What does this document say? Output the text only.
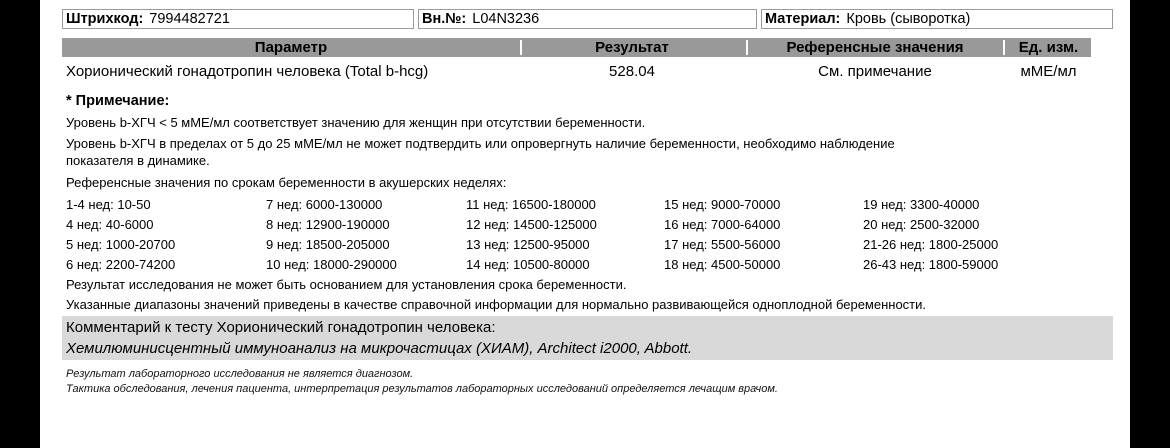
Штрихкод: 7994482721	Вн.№: L04N3236	Материал: Кровь (сыворотка)
Параметр	Результат	Референсные значения	Ед. изм.
Хорионический гонадотропин человека (Total b-hcg)	528.04	См. примечание	мМЕ/мл
* Примечание:
Уровень b-ХГЧ < 5 мМЕ/мл соответствует значению для женщин при отсутствии беременности.
Уровень b-ХГЧ в пределах от 5 до 25 мМЕ/мл не может подтвердить или опровергнуть наличие беременности, необходимо наблюдение
показателя в динамике.
Референсные значения по срокам беременности в акушерских неделях:
1-4 нед: 10-50	7 нед: 6000-130000	11 нед: 16500-180000	15 нед: 9000-70000	19 нед: 3300-40000
4 нед: 40-6000	8 нед: 12900-190000	12 нед: 14500-125000	16 нед: 7000-64000	20 нед: 2500-32000
5 нед: 1000-20700	9 нед: 18500-205000	13 нед: 12500-95000	17 нед: 5500-56000	21-26 нед: 1800-25000
6 нед: 2200-74200	10 нед: 18000-290000	14 нед: 10500-80000	18 нед: 4500-50000	26-43 нед: 1800-59000
Результат исследования не может быть основанием для установления срока беременности.
Указанные диапазоны значений приведены в качестве справочной информации для нормально развивающейся одноплодной беременности.
Комментарий к тесту Хорионический гонадотропин человека:
Хемилюминисцентный иммуноанализ на микрочастицах (ХИАМ), Architect i2000, Abbott.
Результат лабораторного исследования не является диагнозом.
Тактика обследования, лечения пациента, интерпретация результатов лабораторных исследований определяется лечащим врачом.
